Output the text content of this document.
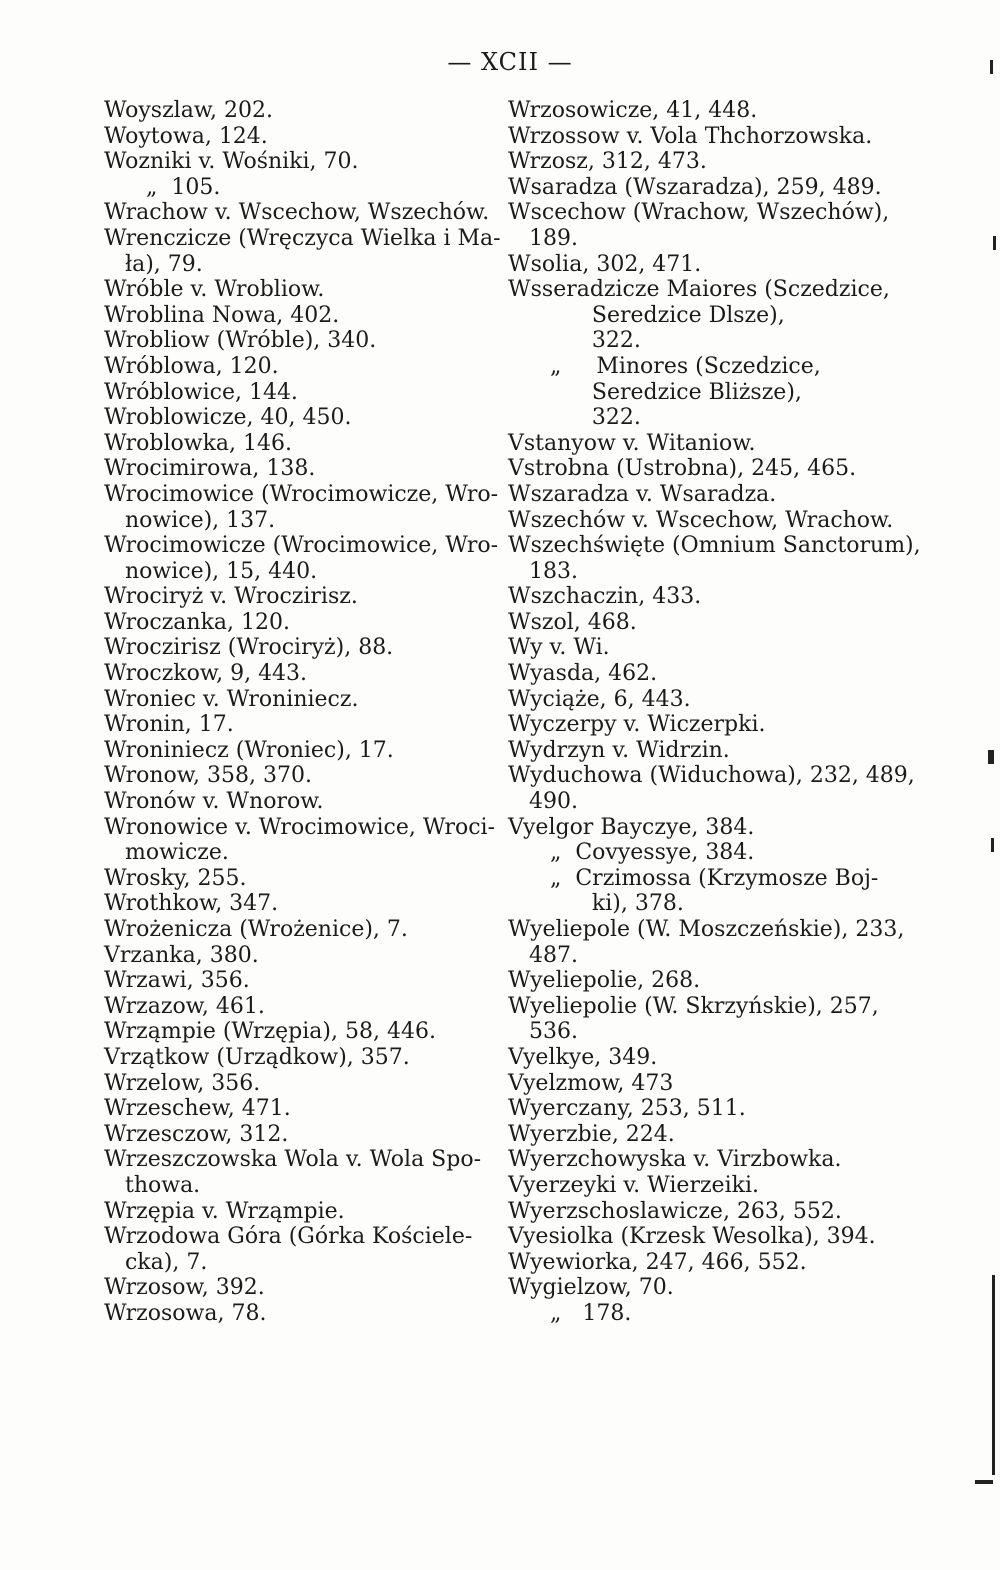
— XCII —
Woyszlaw, 202.
Woytowa, 124.
Wozniki v. Wośniki, 70.
„  105.
Wrachow v. Wscechow, Wszechów.
Wrenczicze (Wręczyca Wielka i Ma-
ła), 79.
Wróble v. Wrobliow.
Wroblina Nowa, 402.
Wrobliow (Wróble), 340.
Wróblowa, 120.
Wróblowice, 144.
Wroblowicze, 40, 450.
Wroblowka, 146.
Wrocimirowa, 138.
Wrocimowice (Wrocimowicze, Wro-
nowice), 137.
Wrocimowicze (Wrocimowice, Wro-
nowice), 15, 440.
Wrociryż v. Wroczirisz.
Wroczanka, 120.
Wroczirisz (Wrociryż), 88.
Wroczkow, 9, 443.
Wroniec v. Wroniniecz.
Wronin, 17.
Wroniniecz (Wroniec), 17.
Wronow, 358, 370.
Wronów v. Wnorow.
Wronowice v. Wrocimowice, Wroci-
mowicze.
Wrosky, 255.
Wrothkow, 347.
Wrożenicza (Wrożenice), 7.
Vrzanka, 380.
Wrzawi, 356.
Wrzazow, 461.
Wrząmpie (Wrzępia), 58, 446.
Vrzątkow (Urządkow), 357.
Wrzelow, 356.
Wrzeschew, 471.
Wrzesczow, 312.
Wrzeszczowska Wola v. Wola Spo-
thowa.
Wrzępia v. Wrząmpie.
Wrzodowa Góra (Górka Kościele-
cka), 7.
Wrzosow, 392.
Wrzosowa, 78.
Wrzosowicze, 41, 448.
Wrzossow v. Vola Thchorzowska.
Wrzosz, 312, 473.
Wsaradza (Wszaradza), 259, 489.
Wscechow (Wrachow, Wszechów),
189.
Wsolia, 302, 471.
Wsseradzicze Maiores (Sczedzice,
Seredzice Dlsze),
322.
„     Minores (Sczedzice,
Seredzice Bliższe),
322.
Vstanyow v. Witaniow.
Vstrobna (Ustrobna), 245, 465.
Wszaradza v. Wsaradza.
Wszechów v. Wscechow, Wrachow.
Wszechświęte (Omnium Sanctorum),
183.
Wszchaczin, 433.
Wszol, 468.
Wy v. Wi.
Wyasda, 462.
Wyciąże, 6, 443.
Wyczerpy v. Wiczerpki.
Wydrzyn v. Widrzin.
Wyduchowa (Widuchowa), 232, 489,
490.
Vyelgor Bayczye, 384.
„  Covyessye, 384.
„  Crzimossa (Krzymosze Boj-
ki), 378.
Wyeliepole (W. Moszczeńskie), 233,
487.
Wyeliepolie, 268.
Wyeliepolie (W. Skrzyńskie), 257,
536.
Vyelkye, 349.
Vyelzmow, 473
Wyerczany, 253, 511.
Wyerzbie, 224.
Wyerzchowyska v. Virzbowka.
Vyerzeyki v. Wierzeiki.
Wyerzschoslawicze, 263, 552.
Vyesiolka (Krzesk Wesolka), 394.
Wyewiorka, 247, 466, 552.
Wygielzow, 70.
„   178.
